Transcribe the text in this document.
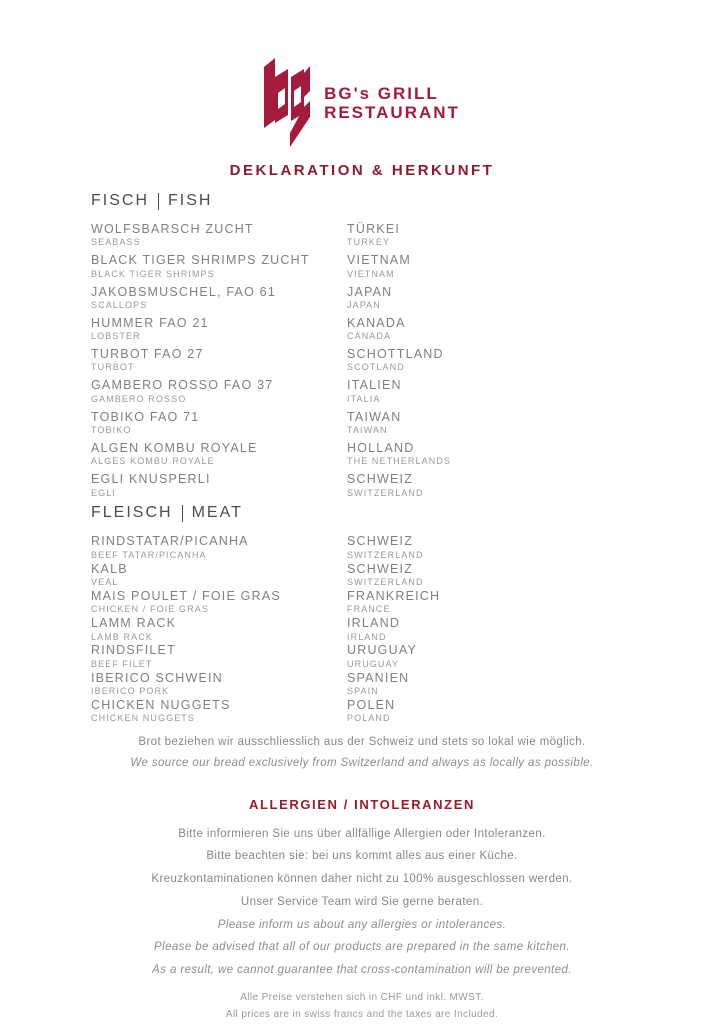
BG's GRILL
RESTAURANT
DEKLARATION & HERKUNFT
FISCH FISH
WOLFSBARSCH ZUCHT
SEABASS
TÜRKEI
TURKEY
BLACK TIGER SHRIMPS ZUCHT
BLACK TIGER SHRIMPS
VIETNAM
VIETNAM
JAKOBSMUSCHEL, FAO 61
SCALLOPS
JAPAN
JAPAN
HUMMER FAO 21
LOBSTER
KANADA
CANADA
TURBOT FAO 27
TURBOT
SCHOTTLAND
SCOTLAND
GAMBERO ROSSO FAO 37
GAMBERO ROSSO
ITALIEN
ITALIA
TOBIKO FAO 71
TOBIKO
TAIWAN
TAIWAN
ALGEN KOMBU ROYALE
ALGES KOMBU ROYALE
HOLLAND
THE NETHERLANDS
EGLI KNUSPERLI
EGLI
SCHWEIZ
SWITZERLAND
FLEISCH MEAT
RINDSTATAR/PICANHA
BEEF TATAR/PICANHA
SCHWEIZ
SWITZERLAND
KALB
VEAL
SCHWEIZ
SWITZERLAND
MAIS POULET / FOIE GRAS
CHICKEN / FOIE GRAS
FRANKREICH
FRANCE
LAMM RACK
LAMB RACK
IRLAND
IRLAND
RINDSFILET
BEEF FILET
URUGUAY
URUGUAY
IBERICO SCHWEIN
IBERICO PORK
SPANIEN
SPAIN
CHICKEN NUGGETS
CHICKEN NUGGETS
POLEN
POLAND
Brot beziehen wir ausschliesslich aus der Schweiz und stets so lokal wie möglich.
We source our bread exclusively from Switzerland and always as locally as possible.
ALLERGIEN / INTOLERANZEN
Bitte informieren Sie uns über allfällige Allergien oder Intoleranzen.
Bitte beachten sie: bei uns kommt alles aus einer Küche.
Kreuzkontaminationen können daher nicht zu 100% ausgeschlossen werden.
Unser Service Team wird Sie gerne beraten.
Please inform us about any allergies or intolerances.
Please be advised that all of our products are prepared in the same kitchen.
As a result, we cannot guarantee that cross-contamination will be prevented.
Alle Preise verstehen sich in CHF und inkl. MWST.
All prices are in swiss francs and the taxes are Included.
